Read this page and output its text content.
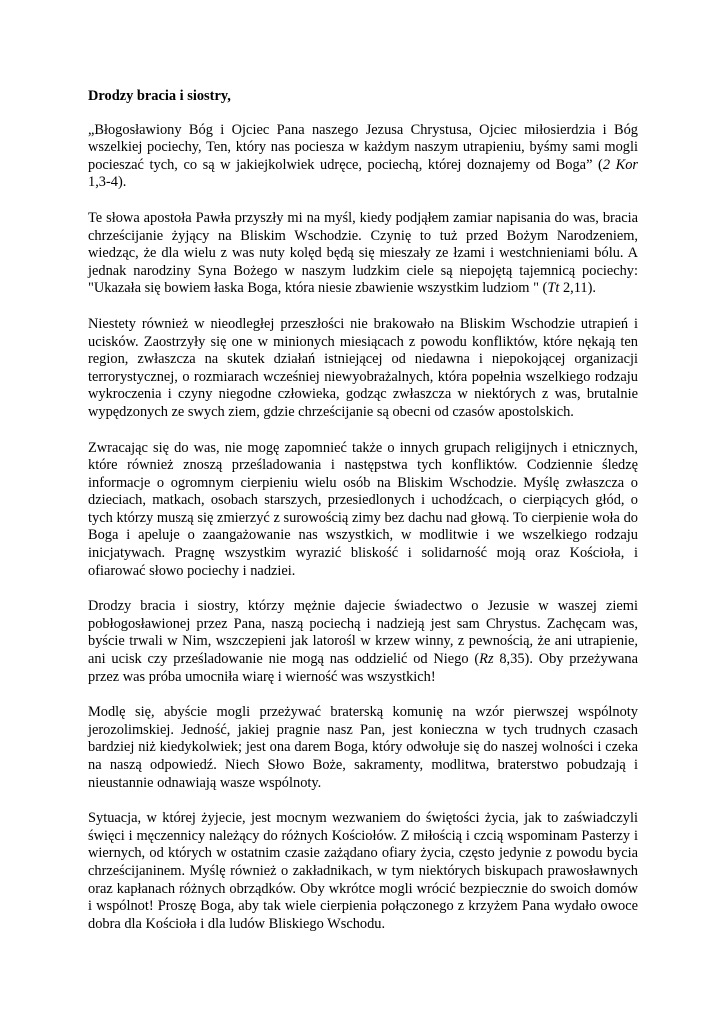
Drodzy bracia i siostry,

„Błogosławiony Bóg i Ojciec Pana naszego Jezusa Chrystusa, Ojciec miłosierdzia i Bóg wszelkiej pociechy, Ten, który nas pociesza w każdym naszym utrapieniu, byśmy sami mogli pocieszać tych, co są w jakiejkolwiek udręce, pociechą, której doznajemy od Boga” (2 Kor 1,3-4).

Te słowa apostoła Pawła przyszły mi na myśl, kiedy podjąłem zamiar napisania do was, bracia chrześcijanie żyjący na Bliskim Wschodzie. Czynię to tuż przed Bożym Narodzeniem, wiedząc, że dla wielu z was nuty kolęd będą się mieszały ze łzami i westchnieniami bólu. A jednak narodziny Syna Bożego w naszym ludzkim ciele są niepojętą tajemnicą pociechy: "Ukazała się bowiem łaska Boga, która niesie zbawienie wszystkim ludziom " (Tt 2,11).

Niestety również w nieodległej przeszłości nie brakowało na Bliskim Wschodzie utrapień i ucisków. Zaostrzyły się one w minionych miesiącach z powodu konfliktów, które nękają ten region, zwłaszcza na skutek działań istniejącej od niedawna i niepokojącej organizacji terrorystycznej, o rozmiarach wcześniej niewyobrażalnych, która popełnia wszelkiego rodzaju wykroczenia i czyny niegodne człowieka, godząc zwłaszcza w niektórych z was, brutalnie wypędzonych ze swych ziem, gdzie chrześcijanie są obecni od czasów apostolskich.

Zwracając się do was, nie mogę zapomnieć także o innych grupach religijnych i etnicznych, które również znoszą prześladowania i następstwa tych konfliktów. Codziennie śledzę informacje o ogromnym cierpieniu wielu osób na Bliskim Wschodzie. Myślę zwłaszcza o dzieciach, matkach, osobach starszych, przesiedlonych i uchodźcach, o cierpiących głód, o tych którzy muszą się zmierzyć z surowością zimy bez dachu nad głową. To cierpienie woła do Boga i apeluje o zaangażowanie nas wszystkich, w modlitwie i we wszelkiego rodzaju inicjatywach. Pragnę wszystkim wyrazić bliskość i solidarność moją oraz Kościoła, i ofiarować słowo pociechy i nadziei.

Drodzy bracia i siostry, którzy mężnie dajecie świadectwo o Jezusie w waszej ziemi pobłogosławionej przez Pana, naszą pociechą i nadzieją jest sam Chrystus. Zachęcam was, byście trwali w Nim, wszczepieni jak latorośl w krzew winny, z pewnością, że ani utrapienie, ani ucisk czy prześladowanie nie mogą nas oddzielić od Niego (Rz 8,35). Oby przeżywana przez was próba umocniła wiarę i wierność was wszystkich!

Modlę się, abyście mogli przeżywać braterską komunię na wzór pierwszej wspólnoty jerozolimskiej. Jedność, jakiej pragnie nasz Pan, jest konieczna w tych trudnych czasach bardziej niż kiedykolwiek; jest ona darem Boga, który odwołuje się do naszej wolności i czeka na naszą odpowiedź. Niech Słowo Boże, sakramenty, modlitwa, braterstwo pobudzają i nieustannie odnawiają wasze wspólnoty.

Sytuacja, w której żyjecie, jest mocnym wezwaniem do świętości życia, jak to zaświadczyli święci i męczennicy należący do różnych Kościołów. Z miłością i czcią wspominam Pasterzy i wiernych, od których w ostatnim czasie zażądano ofiary życia, często jedynie z powodu bycia chrześcijaninem. Myślę również o zakładnikach, w tym niektórych biskupach prawosławnych oraz kapłanach różnych obrządków. Oby wkrótce mogli wrócić bezpiecznie do swoich domów i wspólnot! Proszę Boga, aby tak wiele cierpienia połączonego z krzyżem Pana wydało owoce dobra dla Kościoła i dla ludów Bliskiego Wschodu.
